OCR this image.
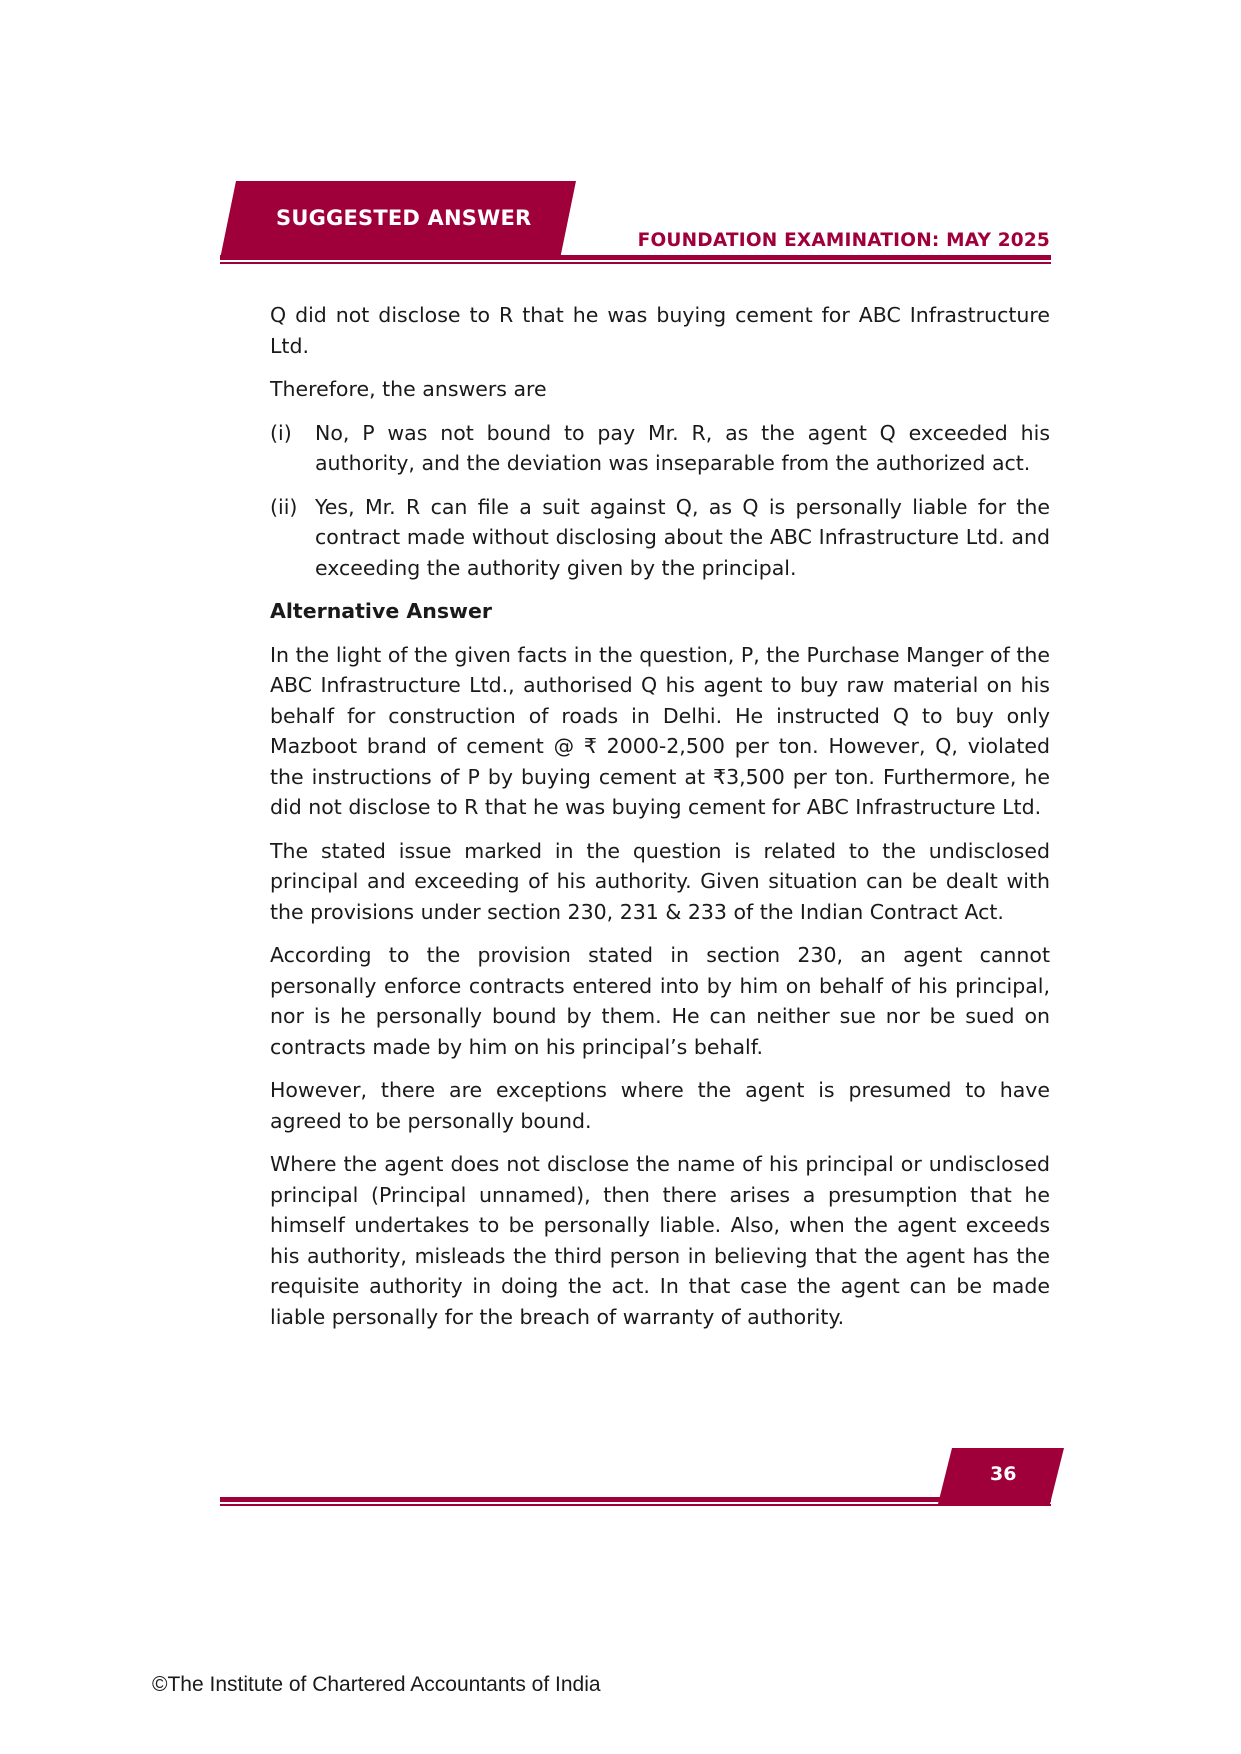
SUGGESTED ANSWER
FOUNDATION EXAMINATION: MAY 2025

Q did not disclose to R that he was buying cement for ABC Infrastructure Ltd.

Therefore, the answers are

(i)	No, P was not bound to pay Mr. R, as the agent Q exceeded his authority, and the deviation was inseparable from the authorized act.
(ii) Yes, Mr. R can file a suit against Q, as Q is personally liable for the contract made without disclosing about the ABC Infrastructure Ltd. and exceeding the authority given by the principal.
Alternative Answer

In the light of the given facts in the question, P, the Purchase Manger of the ABC Infrastructure Ltd., authorised Q his agent to buy raw material on his behalf for construction of roads in Delhi. He instructed Q to buy only Mazboot brand of cement @ ₹ 2000-2,500 per ton. However, Q, violated the instructions of P by buying cement at ₹3,500 per ton. Furthermore, he did not disclose to R that he was buying cement for ABC Infrastructure Ltd.

The stated issue marked in the question is related to the undisclosed principal and exceeding of his authority. Given situation can be dealt with the provisions under section 230, 231 & 233 of the Indian Contract Act.

According to the provision stated in section 230, an agent cannot personally enforce contracts entered into by him on behalf of his principal, nor is he personally bound by them. He can neither sue nor be sued on contracts made by him on his principal’s behalf.

However, there are exceptions where the agent is presumed to have agreed to be personally bound.

Where the agent does not disclose the name of his principal or undisclosed principal (Principal unnamed), then there arises a presumption that he himself undertakes to be personally liable. Also, when the agent exceeds his authority, misleads the third person in believing that the agent has the requisite authority in doing the act. In that case the agent can be made liable personally for the breach of warranty of authority.

36
©The Institute of Chartered Accountants of India
